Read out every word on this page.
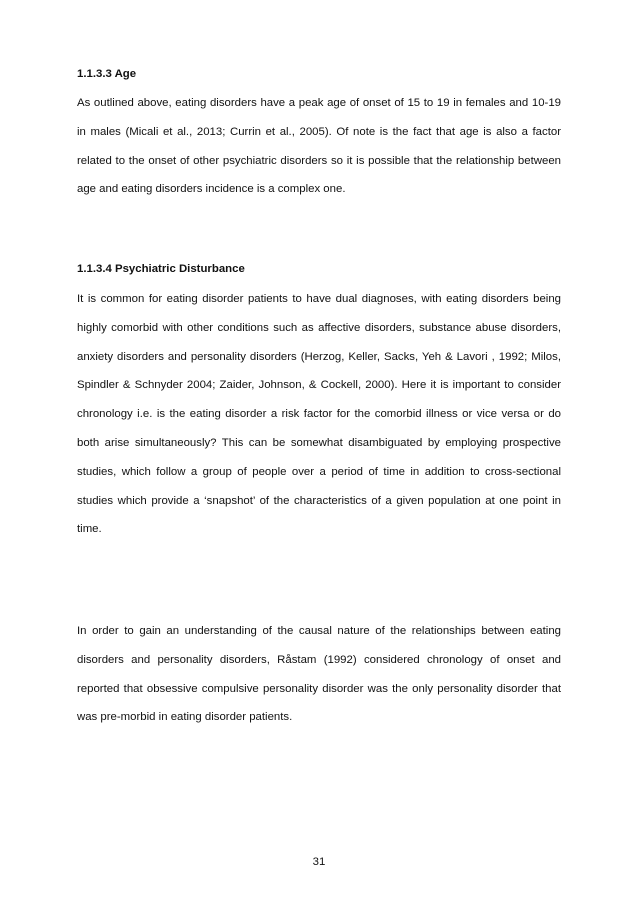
1.1.3.3 Age
As outlined above, eating disorders have a peak age of onset of 15 to 19 in females and 10-19 in males (Micali et al., 2013; Currin et al., 2005). Of note is the fact that age is also a factor related to the onset of other psychiatric disorders so it is possible that the relationship between age and eating disorders incidence is a complex one.
1.1.3.4 Psychiatric Disturbance
It is common for eating disorder patients to have dual diagnoses, with eating disorders being highly comorbid with other conditions such as affective disorders, substance abuse disorders, anxiety disorders and personality disorders (Herzog, Keller, Sacks, Yeh & Lavori , 1992; Milos, Spindler & Schnyder 2004; Zaider, Johnson, & Cockell, 2000). Here it is important to consider chronology i.e. is the eating disorder a risk factor for the comorbid illness or vice versa or do both arise simultaneously? This can be somewhat disambiguated by employing prospective studies, which follow a group of people over a period of time in addition to cross-sectional studies which provide a ‘snapshot’ of the characteristics of a given population at one point in time.
In order to gain an understanding of the causal nature of the relationships between eating disorders and personality disorders, Råstam (1992) considered chronology of onset and reported that obsessive compulsive personality disorder was the only personality disorder that was pre-morbid in eating disorder patients.
31
